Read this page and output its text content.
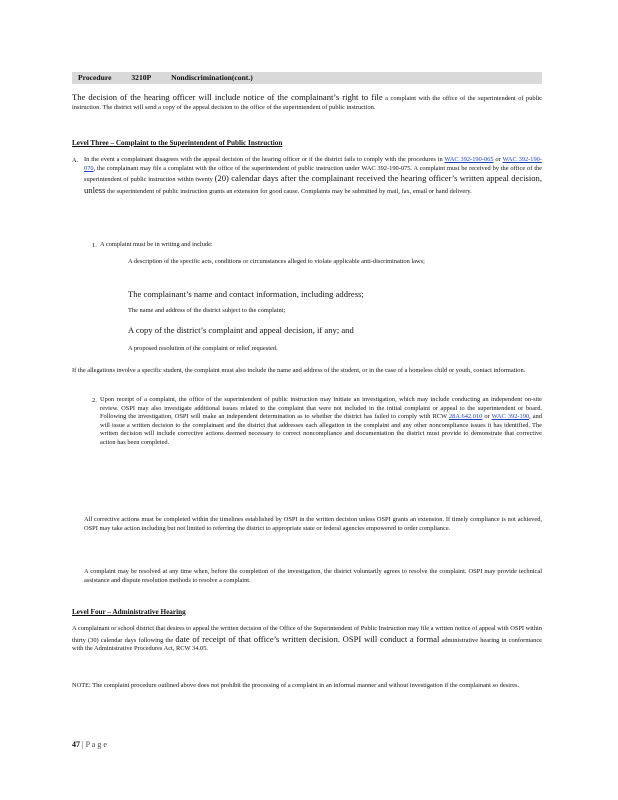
Procedure	3210P	Nondiscrimination(cont.)
The decision of the hearing officer will include notice of the complainant’s right to file a complaint with the office of the superintendent of public instruction. The district will send a copy of the appeal decision to the office of the superintendent of public instruction.
Level Three – Complaint to the Superintendent of Public Instruction
A. In the event a complainant disagrees with the appeal decision of the hearing officer or if the district fails to comply with the procedures in WAC 392-190-065 or WAC 392-190-070, the complainant may file a complaint with the office of the superintendent of public instruction under WAC 392-190-075. A complaint must be received by the office of the superintendent of public instruction within twenty (20) calendar days after the complainant received the hearing officer’s written appeal decision, unless the superintendent of public instruction grants an extension for good cause. Complaints may be submitted by mail, fax, email or hand delivery.
1. A complaint must be in writing and include:
A description of the specific acts, conditions or circumstances alleged to violate applicable anti-discrimination laws;
The complainant’s name and contact information, including address;
The name and address of the district subject to the complaint;
A copy of the district’s complaint and appeal decision, if any; and
A proposed resolution of the complaint or relief requested.
If the allegations involve a specific student, the complaint must also include the name and address of the student, or in the case of a homeless child or youth, contact information.
2. Upon receipt of a complaint, the office of the superintendent of public instruction may initiate an investigation, which may include conducting an independent on-site review. OSPI may also investigate additional issues related to the complaint that were not included in the initial complaint or appeal to the superintendent or board. Following the investigation, OSPI will make an independent determination as to whether the district has failed to comply with RCW 28A.642.010 or WAC 392-190, and will issue a written decision to the complainant and the district that addresses each allegation in the complaint and any other noncompliance issues it has identified. The written decision will include corrective actions deemed necessary to correct noncompliance and documentation the district must provide to demonstrate that corrective action has been completed.
All corrective actions must be completed within the timelines established by OSPI in the written decision unless OSPI grants an extension. If timely compliance is not achieved, OSPI may take action including but not limited to referring the district to appropriate state or federal agencies empowered to order compliance.
A complaint may be resolved at any time when, before the completion of the investigation, the district voluntarily agrees to resolve the complaint. OSPI may provide technical assistance and dispute resolution methods to resolve a complaint.
Level Four – Administrative Hearing
A complainant or school district that desires to appeal the written decision of the Office of the Superintendent of Public Instruction may file a written notice of appeal with OSPI within thirty (30) calendar days following the date of receipt of that office’s written decision. OSPI will conduct a formal administrative hearing in conformance with the Administrative Procedures Act, RCW 34.05.
NOTE: The complaint procedure outlined above does not prohibit the processing of a complaint in an informal manner and without investigation if the complainant so desires.
47 | P a g e
